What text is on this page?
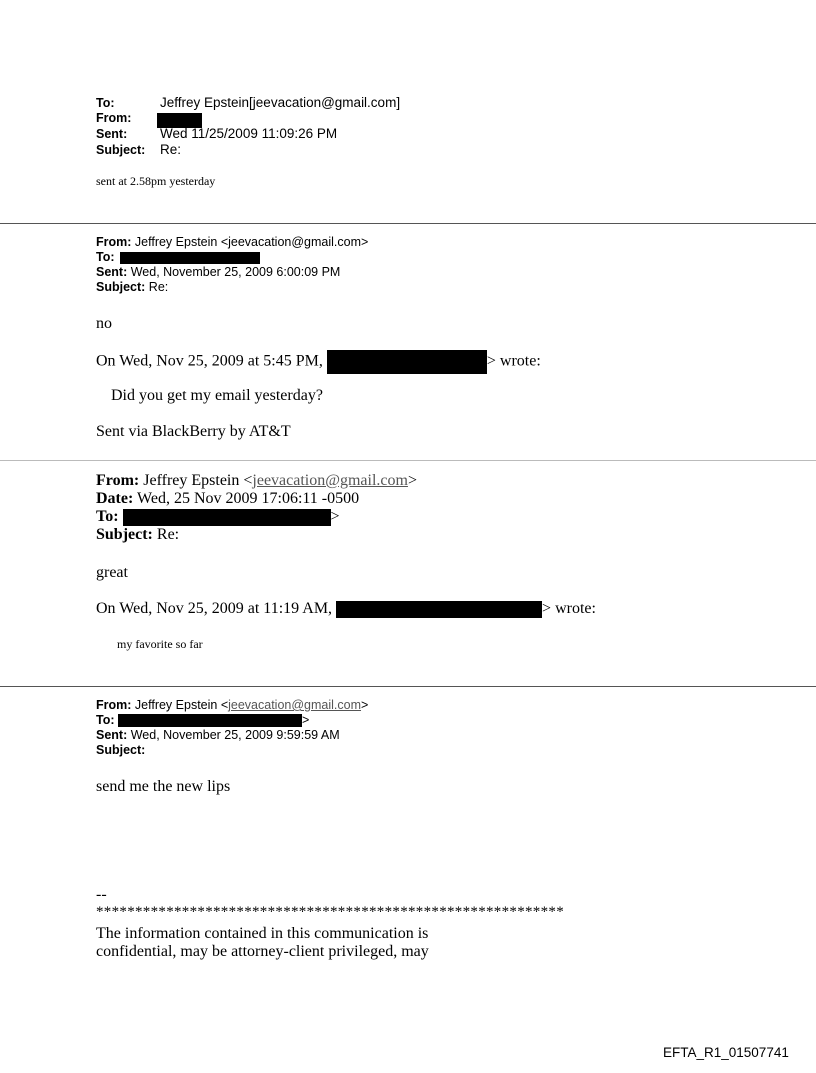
To:	Jeffrey Epstein[jeevacation@gmail.com]
From:
Sent: Wed 11/25/2009 11:09:26 PM
Subject: Re:
sent at 2.58pm yesterday
From: Jeffrey Epstein <jeevacation@gmail.com>
To:
Sent: Wed, November 25, 2009 6:00:09 PM
Subject: Re:
no
On Wed, Nov 25, 2009 at 5:45 PM,	> wrote:
Did you get my email yesterday?
Sent via BlackBerry by AT&T
From: Jeffrey Epstein <jeevacation@gmail.com>
Date: Wed, 25 Nov 2009 17:06:11 -0500
To:	>
Subject: Re:
great
On Wed, Nov 25, 2009 at 11:19 AM,	> wrote:
my favorite so far
From: Jeffrey Epstein <jeevacation@gmail.com>
To:	>
Sent: Wed, November 25, 2009 9:59:59 AM
Subject:
send me the new lips
--
************************************************************
The information contained in this communication is
confidential, may be attorney-client privileged, may
EFTA_R1_01507741
